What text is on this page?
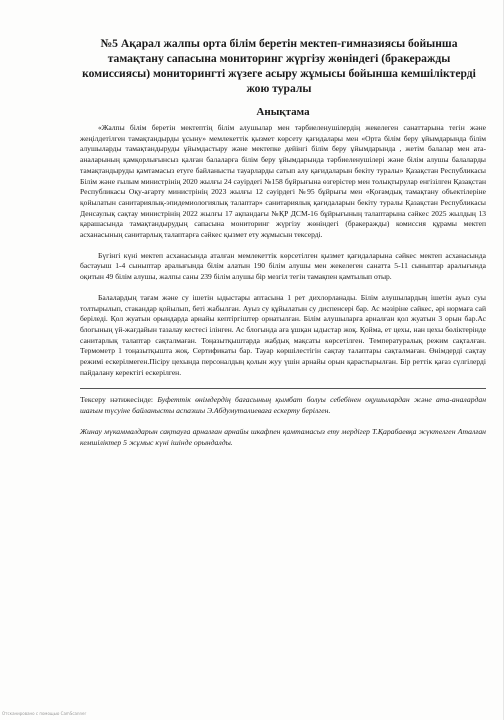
№5 Ақарал жалпы орта білім беретін мектеп-гимназиясы бойынша тамақтану сапасына мониторинг жүргізу жөніндегі (бракеражды комиссиясы) мониторингті жүзеге асыру жұмысы бойынша кемшіліктерді жою туралы
Анықтама

«Жалпы білім беретін мектептің білім алушылар мен тәрбиеленушілердің жекелеген санаттарына тегін және жеңілдетілген тамақтандырды ұсыну» мемлекеттік қызмет көрсету қағидалары мен «Орта білім беру ұйымдарында білім алушыларды тамақтандыруды ұйымдастыру және мектепке дейінгі білім беру ұйымдарында , жетім балалар мен ата-аналарының қамқорлығынсыз қалған балаларға білім беру ұйымдарында тәрбиеленушілері және білім алушы балаларды тамақтандыруды қамтамасыз етуге байланысты тауарларды сатып алу қағидаларын бекіту туралы» Қазақстан Республикасы Білім және ғылым министрінің 2020 жылғы 24 сәуірдегі №158 бұйрығына өзгерістер мен толықтырулар енгізілген Қазақстан Республикасы Оқу-ағарту министрінің 2023 жылғы 12 сәуірдегі №95 бұйрығы мен «Қоғамдық тамақтану объектілеріне қойылатын санитариялық-эпидемиологиялық талаптар» санитариялық қағидаларын бекіту туралы Қазақстан Республикасы Денсаулық сақтау министрінің 2022 жылғы 17 ақпандағы №ҚР ДСМ-16 бұйрығының талаптарына сәйкес 2025 жылдың 13 қарашасында тамақтандырудың сапасына мониторинг жүргізу жөніндегі (бракеражды) комиссия құрамы мектеп асханасының санитарлық талаптарға сәйкес қызмет ету жұмысын тексерді.

Бүгінгі күні мектеп асханасында аталған мемлекеттік көрсетілген қызмет қағидаларына сәйкес мектеп асханасында бастауыш 1-4 сыныптар аралығында білім алатын 190 білім алушы мен жекелеген санатта 5-11 сыныптар аралығында оқитын 49 білім алушы, жалпы саны 239 білім алушы бір мезгіл тегін тамақпен қамтылып отыр.

Балалардың тағам және су ішетін ыдыстары аптасына 1 рет дихлорланады. Білім алушылардың ішетін ауыз суы толтырылып, стакандар қойылып, беті жабылған. Ауыз су құйылатын су диспенсері бар. Ас мәзіріне сәйкес, әрі нормаға сай беріледі. Қол жуатын орындарда арнайы кептіргіштер орнатылған. Білім алушыларға арналған қол жуатын 3 орын бар.Ас блогының үй-жағдайын тазалау кестесі ілінген. Ас блогында аға ұшқан ыдыстар жоқ. Қойма, ет цехы, нан цехы бөліктерінде санитарлық талаптар сақталмаған. Тоңазытқыштарда жабдық мақсаты көрсетілген. Температуралық режим сақталған. Термометр 1 тоңазытқышта жоқ. Сертификаты бар. Тауар көршілестігін сақтау талаптары сақталмаған. Өнімдерді сақтау режимі ескерілмеген.Пісіру цехында персоналдың қолын жуу үшін арнайы орын қарастырылған. Бір реттік қағаз сүлгілерді пайдалану керектігі ескерілген.

Тексеру нәтижесінде: Буфеттік өнімдердің бағасының қымбат болуы себебінен оқушылардан және ата-аналардан шағым түсуіне байланысты аспазшы Э.Абдумуталиеваға ескерту берілген.

Жинау мүкаммалдарын сақтауға арналған арнайы шкафпен қамтамасыз ету мердігер Т.Қарабаевқа жүктелген Аталған кемшіліктер 5 жұмыс күні ішінде орындалды.

Отсканировано с помощью CamScanner
